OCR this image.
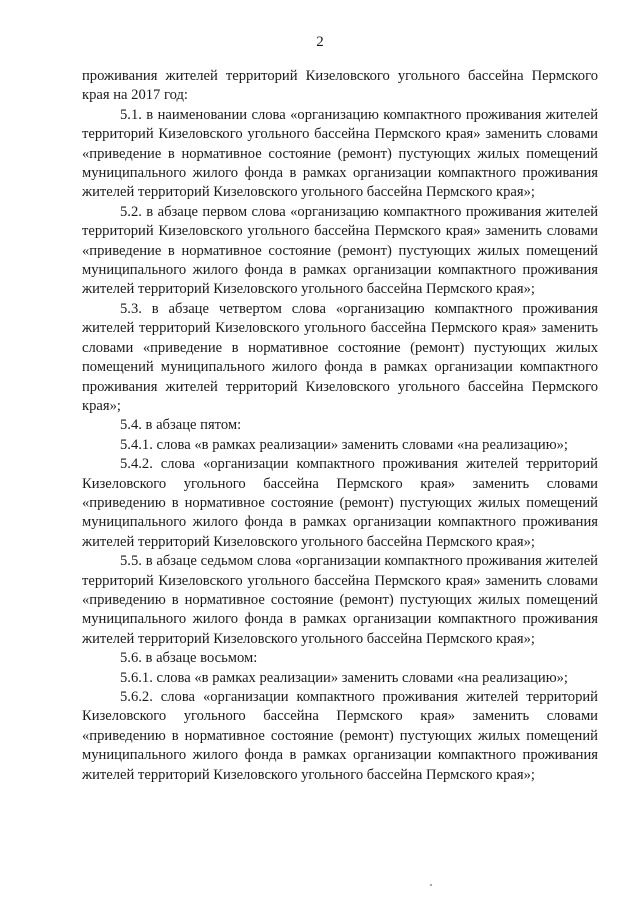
2

проживания жителей территорий Кизеловского угольного бассейна Пермского края на 2017 год:

5.1. в наименовании слова «организацию компактного проживания жителей территорий Кизеловского угольного бассейна Пермского края» заменить словами «приведение в нормативное состояние (ремонт) пустующих жилых помещений муниципального жилого фонда в рамках организации компактного проживания жителей территорий Кизеловского угольного бассейна Пермского края»;

5.2. в абзаце первом слова «организацию компактного проживания жителей территорий Кизеловского угольного бассейна Пермского края» заменить словами «приведение в нормативное состояние (ремонт) пустующих жилых помещений муниципального жилого фонда в рамках организации компактного проживания жителей территорий Кизеловского угольного бассейна Пермского края»;

5.3. в абзаце четвертом слова «организацию компактного проживания жителей территорий Кизеловского угольного бассейна Пермского края» заменить словами «приведение в нормативное состояние (ремонт) пустующих жилых помещений муниципального жилого фонда в рамках организации компактного проживания жителей территорий Кизеловского угольного бассейна Пермского края»;

5.4. в абзаце пятом:

5.4.1. слова «в рамках реализации» заменить словами «на реализацию»;

5.4.2. слова «организации компактного проживания жителей территорий Кизеловского угольного бассейна Пермского края» заменить словами «приведению в нормативное состояние (ремонт) пустующих жилых помещений муниципального жилого фонда в рамках организации компактного проживания жителей территорий Кизеловского угольного бассейна Пермского края»;

5.5. в абзаце седьмом слова «организации компактного проживания жителей территорий Кизеловского угольного бассейна Пермского края» заменить словами «приведению в нормативное состояние (ремонт) пустующих жилых помещений муниципального жилого фонда в рамках организации компактного проживания жителей территорий Кизеловского угольного бассейна Пермского края»;

5.6. в абзаце восьмом:

5.6.1. слова «в рамках реализации» заменить словами «на реализацию»;

5.6.2. слова «организации компактного проживания жителей территорий Кизеловского угольного бассейна Пермского края» заменить словами «приведению в нормативное состояние (ремонт) пустующих жилых помещений муниципального жилого фонда в рамках организации компактного проживания жителей территорий Кизеловского угольного бассейна Пермского края»;
